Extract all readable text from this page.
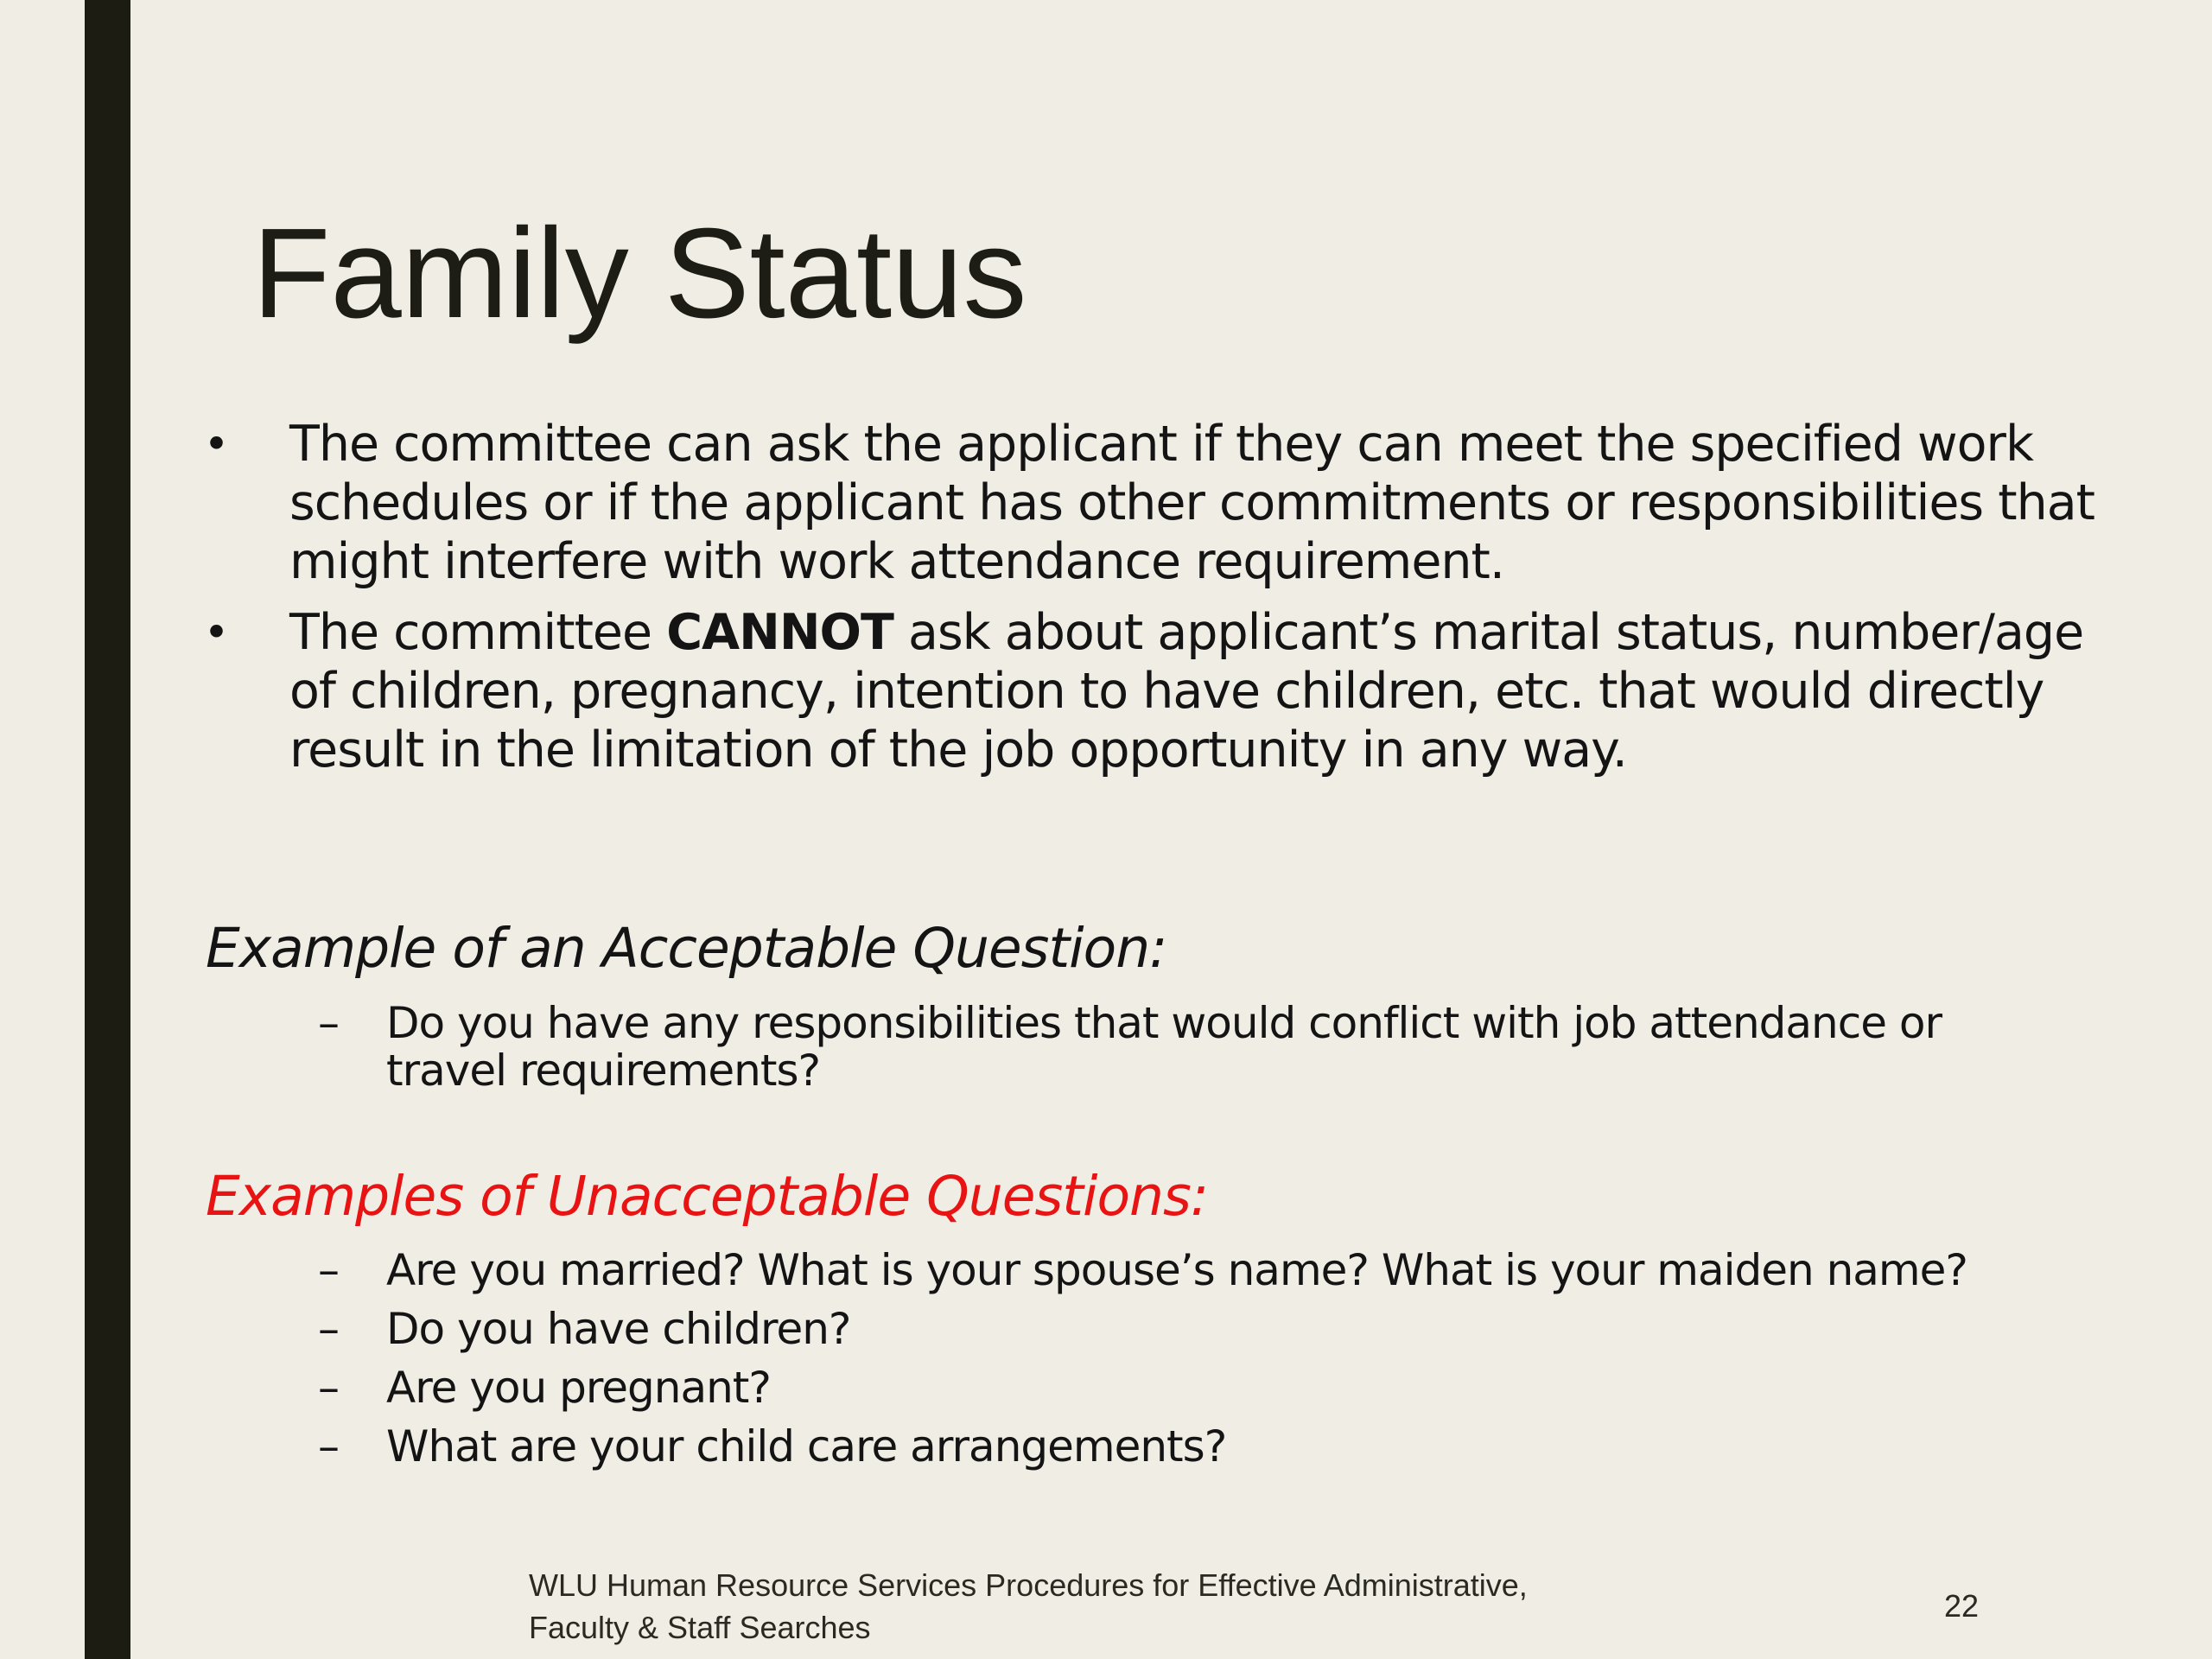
Family Status
• The committee can ask the applicant if they can meet the specified work schedules or if the applicant has other commitments or responsibilities that might interfere with work attendance requirement.
• The committee CANNOT ask about applicant’s marital status, number/age of children, pregnancy, intention to have children, etc. that would directly result in the limitation of the job opportunity in any way.
Example of an Acceptable Question:
– Do you have any responsibilities that would conflict with job attendance or travel requirements?
Examples of Unacceptable Questions:
– Are you married? What is your spouse’s name? What is your maiden name?
– Do you have children?
– Are you pregnant?
– What are your child care arrangements?
WLU Human Resource Services Procedures for Effective Administrative,
Faculty & Staff Searches
22
